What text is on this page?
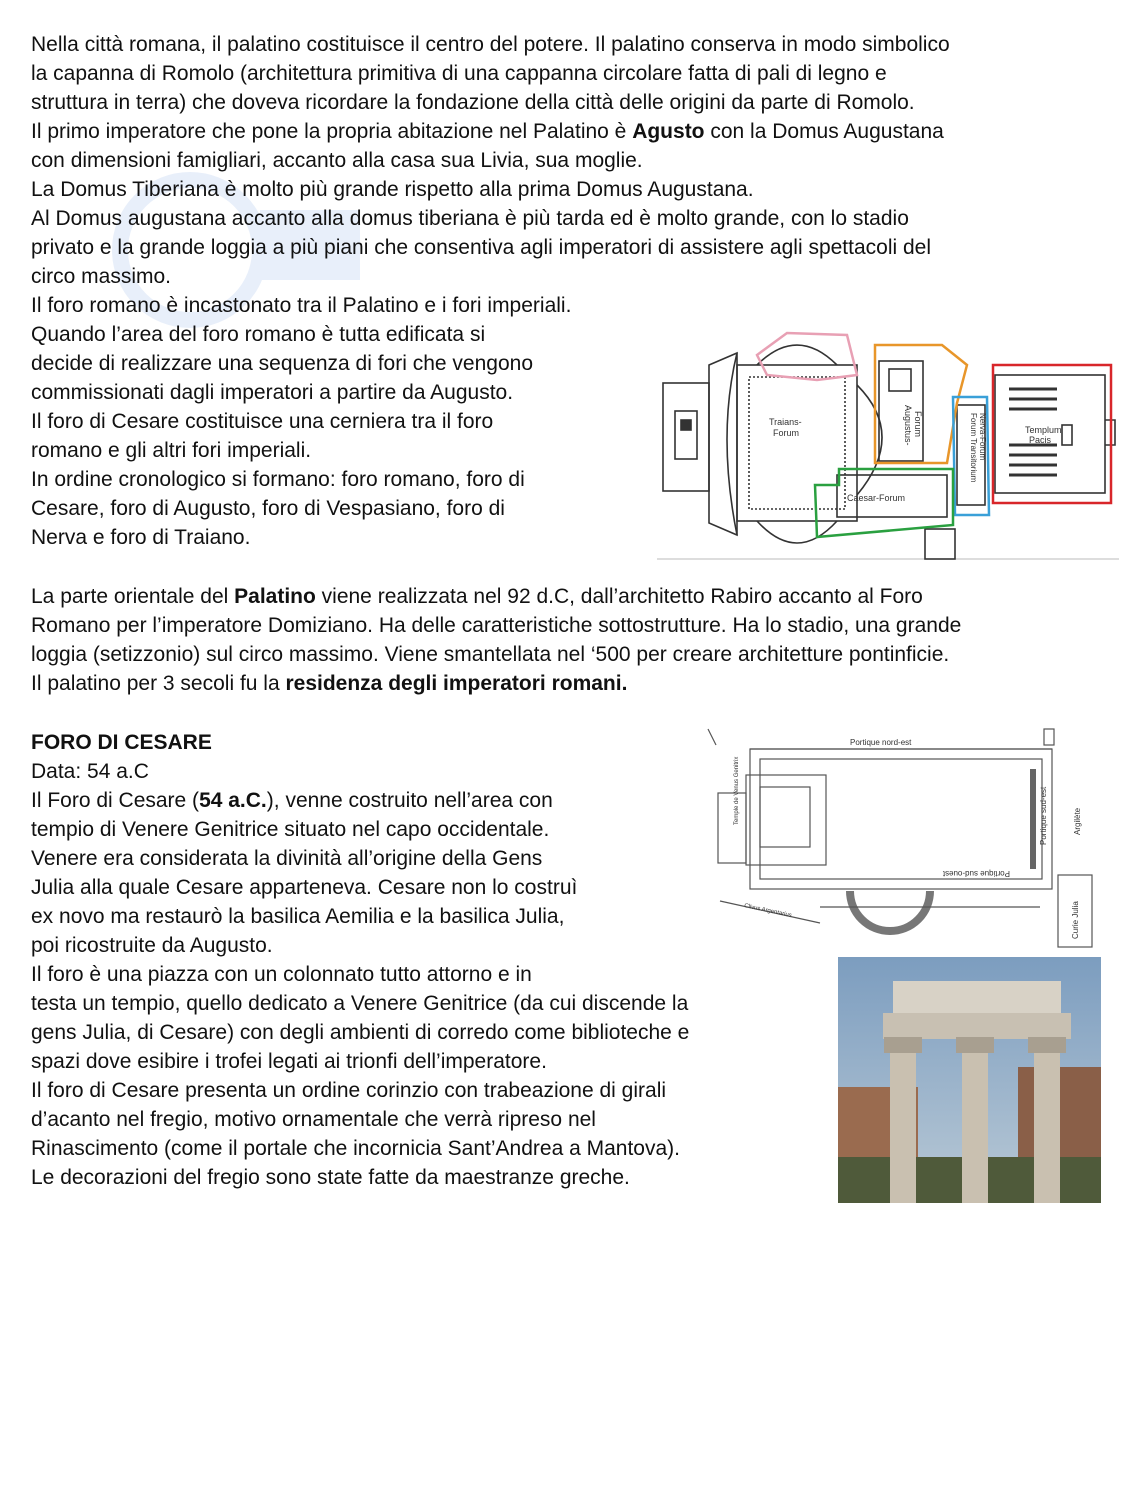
Nella città romana, il palatino costituisce il centro del potere. Il palatino conserva in modo simbolico
la capanna di Romolo (architettura primitiva di una cappanna circolare fatta di pali di legno e
struttura in terra) che doveva ricordare la fondazione della città delle origini da parte di Romolo.
Il primo imperatore che pone la propria abitazione nel Palatino è Agusto con la Domus Augustana
con dimensioni famigliari, accanto alla casa sua Livia, sua moglie.
La Domus Tiberiana è molto più grande rispetto alla prima Domus Augustana.
Al Domus augustana accanto alla domus tiberiana è più tarda ed è molto grande, con lo stadio
privato e la grande loggia a più piani che consentiva agli imperatori di assistere agli spettacoli del
circo massimo.
Il foro romano è incastonato tra il Palatino e i fori imperiali.
Quando l’area del foro romano è tutta edificata si
decide di realizzare una sequenza di fori che vengono
commissionati dagli imperatori a partire da Augusto.
Il foro di Cesare costituisce una cerniera tra il foro
romano e gli altri fori imperiali.
In ordine cronologico si formano: foro romano, foro di
Cesare, foro di Augusto, foro di Vespasiano, foro di
Nerva e foro di Traiano.
Traians-
Forum
Caesar-Forum
Templum
Pacis
Augustus- Forum	Forum Transitorium Nerva-Forum
La parte orientale del Palatino viene realizzata nel 92 d.C, dall’architetto Rabiro accanto al Foro
Romano per l’imperatore Domiziano. Ha delle caratteristiche sottostrutture. Ha lo stadio, una grande
loggia (setizzonio) sul circo massimo. Viene smantellata nel ‘500 per creare architetture pontinficie.
Il palatino per 3 secoli fu la residenza degli imperatori romani.
FORO DI CESARE
Data: 54 a.C
Il Foro di Cesare (54 a.C.), venne costruito nell’area con
tempio di Venere Genitrice situato nel capo occidentale.
Venere era considerata la divinità all’origine della Gens
Julia alla quale Cesare apparteneva. Cesare non lo costruì
ex novo ma restaurò la basilica Aemilia e la basilica Julia,
poi ricostruite da Augusto.
Il foro è una piazza con un colonnato tutto attorno e in
testa un tempio, quello dedicato a Venere Genitrice (da cui discende la
gens Julia, di Cesare) con degli ambienti di corredo come biblioteche e
spazi dove esibire i trofei legati ai trionfi dell’imperatore.
Il foro di Cesare presenta un ordine corinzio con trabeazione di girali
d’acanto nel fregio, motivo ornamentale che verrà ripreso nel
Rinascimento (come il portale che incornicia Sant’Andrea a Mantova).
Le decorazioni del fregio sono state fatte da maestranze greche.
Portique nord-est
Portique sud-ouest
Portique sud-est	Argilète
Temple de Venus Genitrix
Curie Julia
Clivus Argentarius
